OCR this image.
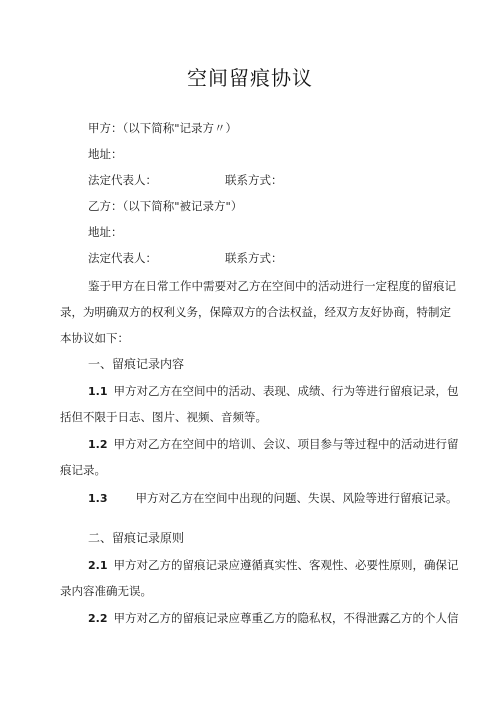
空间留痕协议
甲方：（以下简称"记录方〃）
地址：
法定代表人：	联系方式：
乙方：（以下简称"被记录方"）
地址：
法定代表人：	联系方式：
鉴于甲方在日常工作中需要对乙方在空间中的活动进行一定程度的留痕记
录，为明确双方的权利义务，保障双方的合法权益，经双方友好协商，特制定
本协议如下：
一、留痕记录内容
1.1 甲方对乙方在空间中的活动、表现、成绩、行为等进行留痕记录，包
括但不限于日志、图片、视频、音频等。
1.2 甲方对乙方在空间中的培训、会议、项目参与等过程中的活动进行留
痕记录。
1.3 甲方对乙方在空间中出现的问题、失误、风险等进行留痕记录。
二、留痕记录原则
2.1 甲方对乙方的留痕记录应遵循真实性、客观性、必要性原则，确保记
录内容准确无误。
2.2 甲方对乙方的留痕记录应尊重乙方的隐私权，不得泄露乙方的个人信
